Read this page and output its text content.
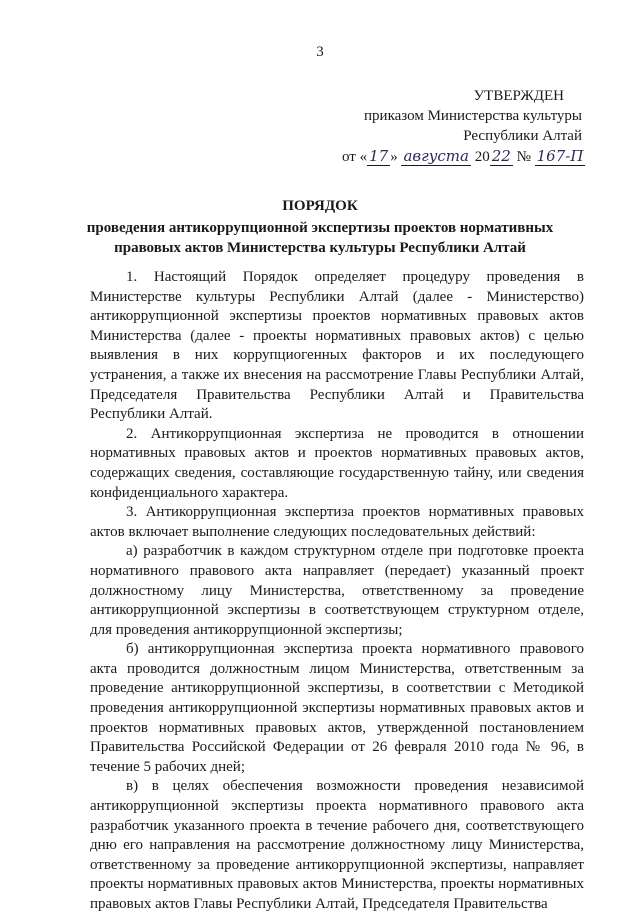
3
УТВЕРЖДЕН
приказом Министерства культуры
Республики Алтай
от « 17 » августа 20 22 № 167-П
ПОРЯДОК
проведения антикоррупционной экспертизы проектов нормативных правовых актов Министерства культуры Республики Алтай

1. Настоящий Порядок определяет процедуру проведения в Министерстве культуры Республики Алтай (далее - Министерство) антикоррупционной экспертизы проектов нормативных правовых актов Министерства (далее - проекты нормативных правовых актов) с целью выявления в них коррупциогенных факторов и их последующего устранения, а также их внесения на рассмотрение Главы Республики Алтай, Председателя Правительства Республики Алтай и Правительства Республики Алтай.

2. Антикоррупционная экспертиза не проводится в отношении нормативных правовых актов и проектов нормативных правовых актов, содержащих сведения, составляющие государственную тайну, или сведения конфиденциального характера.

3. Антикоррупционная экспертиза проектов нормативных правовых актов включает выполнение следующих последовательных действий:

а) разработчик в каждом структурном отделе при подготовке проекта нормативного правового акта направляет (передает) указанный проект должностному лицу Министерства, ответственному за проведение антикоррупционной экспертизы в соответствующем структурном отделе, для проведения антикоррупционной экспертизы;

б) антикоррупционная экспертиза проекта нормативного правового акта проводится должностным лицом Министерства, ответственным за проведение антикоррупционной экспертизы, в соответствии с Методикой проведения антикоррупционной экспертизы нормативных правовых актов и проектов нормативных правовых актов, утвержденной постановлением Правительства Российской Федерации от 26 февраля 2010 года № 96, в течение 5 рабочих дней;

в) в целях обеспечения возможности проведения независимой антикоррупционной экспертизы проекта нормативного правового акта разработчик указанного проекта в течение рабочего дня, соответствующего дню его направления на рассмотрение должностному лицу Министерства, ответственному за проведение антикоррупционной экспертизы, направляет проекты нормативных правовых актов Министерства, проекты нормативных правовых актов Главы Республики Алтай, Председателя Правительства
